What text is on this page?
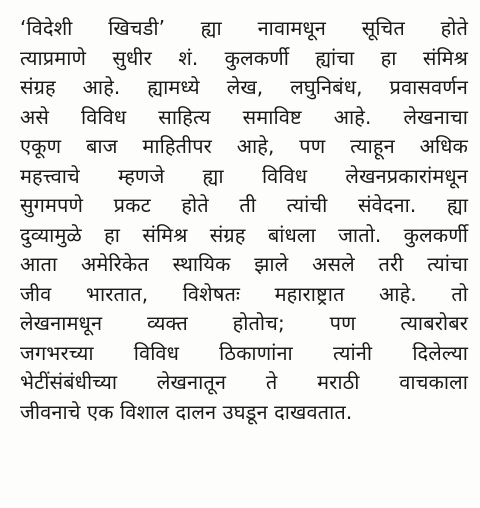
‘विदेशी खिचडी’ ह्या नावामधून सूचित होते
त्याप्रमाणे सुधीर शं. कुलकर्णी ह्यांचा हा संमिश्र
संग्रह आहे. ह्यामध्ये लेख, लघुनिबंध, प्रवासवर्णन
असे विविध साहित्य समाविष्ट आहे. लेखनाचा
एकूण बाज माहितीपर आहे, पण त्याहून अधिक
महत्त्वाचे म्हणजे ह्या विविध लेखनप्रकारांमधून
सुगमपणे प्रकट होते ती त्यांची संवेदना. ह्या
दुव्यामुळे हा संमिश्र संग्रह बांधला जातो. कुलकर्णी
आता अमेरिकेत स्थायिक झाले असले तरी त्यांचा
जीव भारतात, विशेषतः महाराष्ट्रात आहे. तो
लेखनामधून व्यक्त होतोच; पण त्याबरोबर
जगभरच्या विविध ठिकाणांना त्यांनी दिलेल्या
भेटींसंबंधीच्या लेखनातून ते मराठी वाचकाला
जीवनाचे एक विशाल दालन उघडून दाखवतात.
